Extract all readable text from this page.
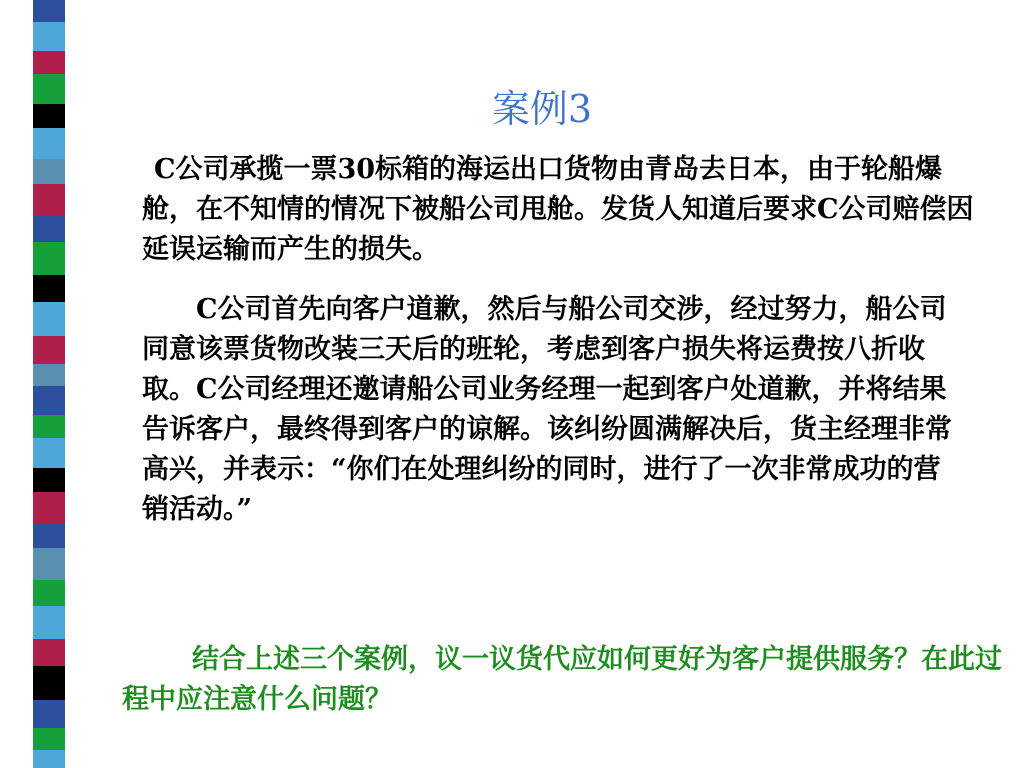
案例3
C公司承揽一票30标箱的海运出口货物由青岛去日本，由于轮船爆舱，在不知情的情况下被船公司甩舱。发货人知道后要求C公司赔偿因延误运输而产生的损失。
C公司首先向客户道歉，然后与船公司交涉，经过努力，船公司同意该票货物改装三天后的班轮，考虑到客户损失将运费按八折收取。C公司经理还邀请船公司业务经理一起到客户处道歉，并将结果告诉客户，最终得到客户的谅解。该纠纷圆满解决后，货主经理非常高兴，并表示：“你们在处理纠纷的同时，进行了一次非常成功的营销活动。”
结合上述三个案例，议一议货代应如何更好为客户提供服务？在此过程中应注意什么问题？
